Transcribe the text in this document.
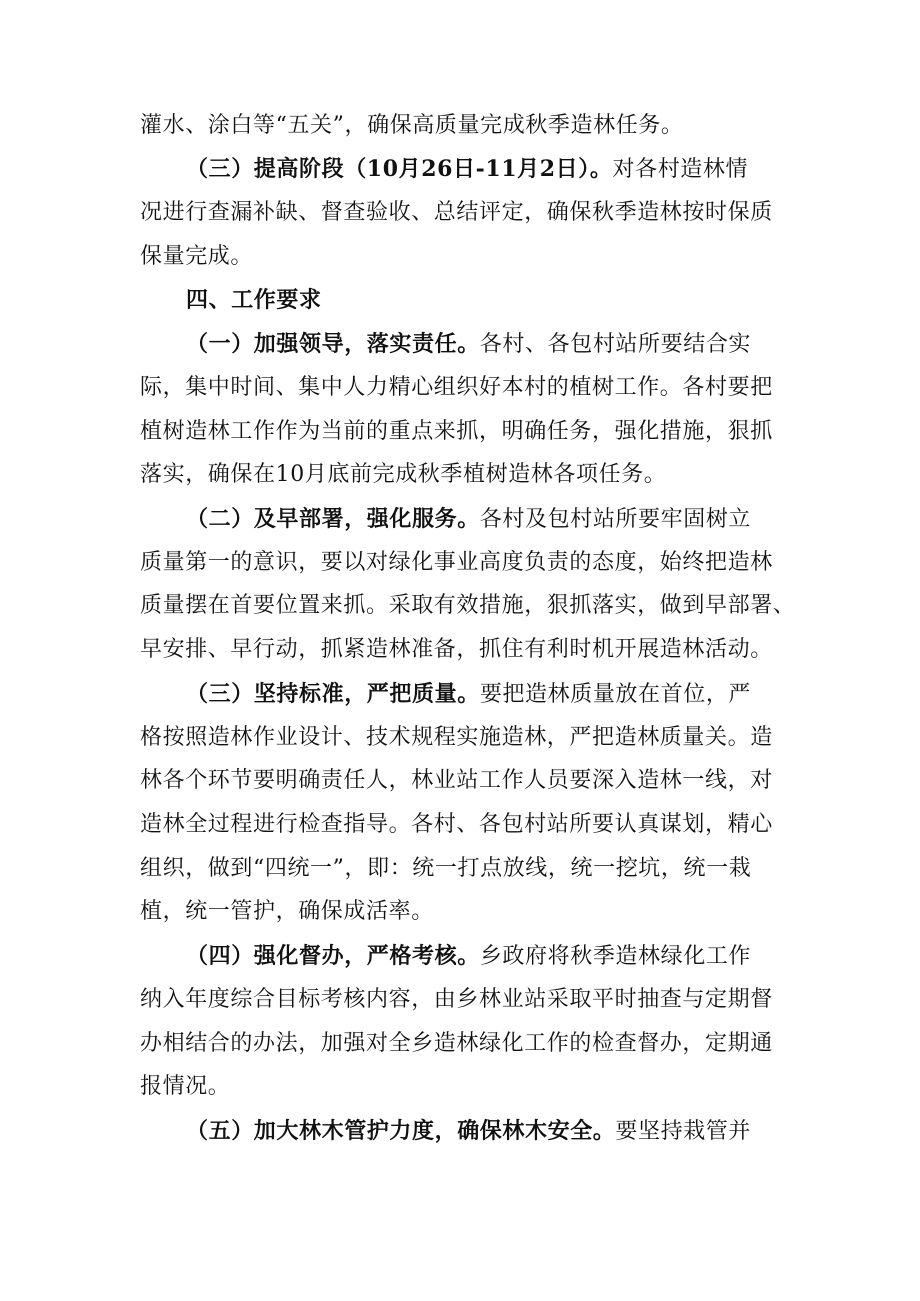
灌水、涂白等“五关”，确保高质量完成秋季造林任务。
（三）提高阶段（10月26日-11月2日）。对各村造林情
况进行查漏补缺、督查验收、总结评定，确保秋季造林按时保质
保量完成。
四、工作要求
（一）加强领导，落实责任。各村、各包村站所要结合实
际，集中时间、集中人力精心组织好本村的植树工作。各村要把
植树造林工作作为当前的重点来抓，明确任务，强化措施，狠抓
落实，确保在10月底前完成秋季植树造林各项任务。
（二）及早部署，强化服务。各村及包村站所要牢固树立
质量第一的意识，要以对绿化事业高度负责的态度，始终把造林
质量摆在首要位置来抓。采取有效措施，狠抓落实，做到早部署、
早安排、早行动，抓紧造林准备，抓住有利时机开展造林活动。
（三）坚持标准，严把质量。要把造林质量放在首位，严
格按照造林作业设计、技术规程实施造林，严把造林质量关。造
林各个环节要明确责任人，林业站工作人员要深入造林一线，对
造林全过程进行检查指导。各村、各包村站所要认真谋划，精心
组织，做到“四统一”，即：统一打点放线，统一挖坑，统一栽
植，统一管护，确保成活率。
（四）强化督办，严格考核。乡政府将秋季造林绿化工作
纳入年度综合目标考核内容，由乡林业站采取平时抽查与定期督
办相结合的办法，加强对全乡造林绿化工作的检查督办，定期通
报情况。
（五）加大林木管护力度，确保林木安全。要坚持栽管并
